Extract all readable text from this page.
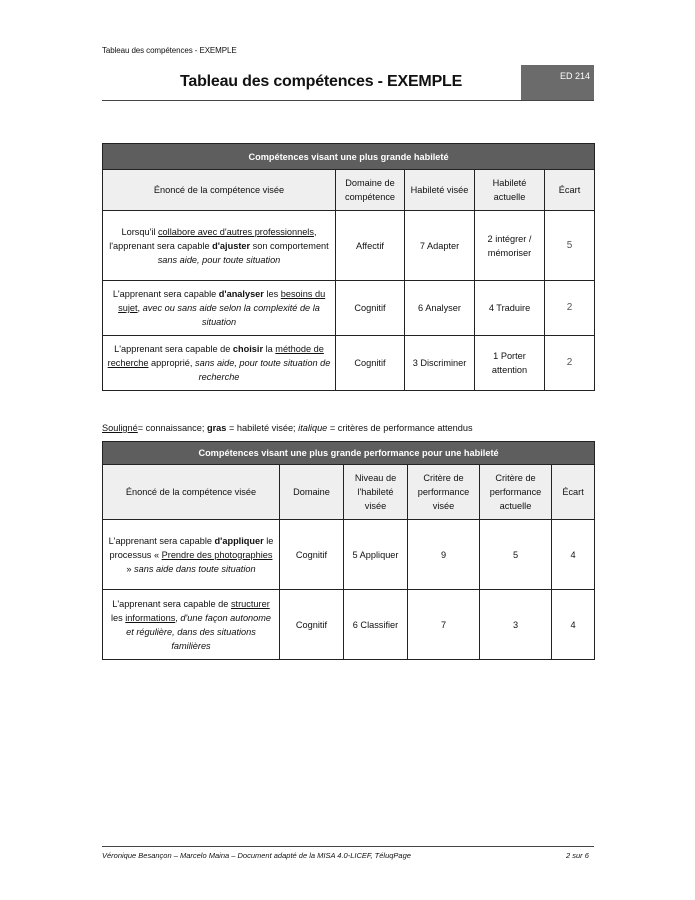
Tableau des compétences - EXEMPLE
Tableau des compétences - EXEMPLE	ED 214
Compétences visant une plus grande habileté				
Énoncé de la compétence visée	Domaine de compétence	Habileté visée	Habileté actuelle	Écart
Lorsqu'il collabore avec d'autres professionnels, l'apprenant sera capable d'ajuster son comportement sans aide, pour toute situation	Affectif	7 Adapter	2 intégrer / mémoriser	5
L'apprenant sera capable d'analyser les besoins du sujet, avec ou sans aide selon la complexité de la situation	Cognitif	6 Analyser	4 Traduire	2
L'apprenant sera capable de choisir la méthode de recherche approprié, sans aide, pour toute situation de recherche	Cognitif	3 Discriminer	1 Porter attention	2
Souligné= connaissance; gras = habileté visée; italique = critères de performance attendus
Compétences visant une plus grande performance pour une habileté					
Énoncé de la compétence visée	Domaine	Niveau de l'habileté visée	Critère de performance visée	Critère de performance actuelle	Écart
L'apprenant sera capable d'appliquer le processus « Prendre des photographies » sans aide dans toute situation	Cognitif	5 Appliquer	9	5	4
L'apprenant sera capable de structurer les informations, d'une façon autonome et régulière, dans des situations familières	Cognitif	6 Classifier	7	3	4
Véronique Besançon – Marcelo Maina – Document adapté de la MISA 4.0-LICEF, TéluqPage	2 sur 6
